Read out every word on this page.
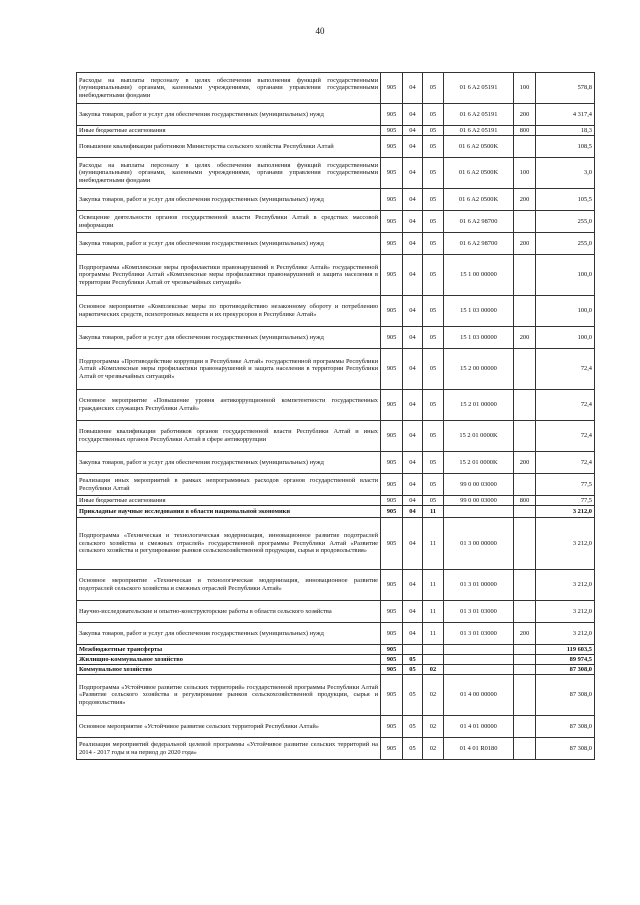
40
Расходы на выплаты персоналу в целях обеспечения выполнения функций государственными (муниципальными) органами, казенными учреждениями, органами управления государственными внебюджетными фондами	905	04	05	01 6 A2 05191	100	578,8
Закупка товаров, работ и услуг для обеспечения государственных (муниципальных) нужд	905	04	05	01 6 A2 05191	200	4 317,4
Иные бюджетные ассигнования	905	04	05	01 6 A2 05191	800	18,3
Повышение квалификации работников Министерства сельского хозяйства Республики Алтай	905	04	05	01 6 A2 0500K		108,5
Расходы на выплаты персоналу в целях обеспечения выполнения функций государственными (муниципальными) органами, казенными учреждениями, органами управления государственными внебюджетными фондами	905	04	05	01 6 A2 0500K	100	3,0
Закупка товаров, работ и услуг для обеспечения государственных (муниципальных) нужд	905	04	05	01 6 A2 0500K	200	105,5
Освещение деятельности органов государственной власти Республики Алтай в средствах массовой информации	905	04	05	01 6 A2 98700		255,0
Закупка товаров, работ и услуг для обеспечения государственных (муниципальных) нужд	905	04	05	01 6 A2 98700	200	255,0
Подпрограмма «Комплексные меры профилактики правонарушений в Республике Алтай» государственной программы Республики Алтай «Комплексные меры профилактики правонарушений и защита населения в территории Республики Алтай от чрезвычайных ситуаций»	905	04	05	15 1 00 00000		100,0
Основное мероприятие «Комплексные меры по противодействию незаконному обороту и потреблению наркотических средств, психотропных веществ и их прекурсоров в Республике Алтай»	905	04	05	15 1 03 00000		100,0
Закупка товаров, работ и услуг для обеспечения государственных (муниципальных) нужд	905	04	05	15 1 03 00000	200	100,0
Подпрограмма «Противодействие коррупции в Республике Алтай» государственной программы Республики Алтай «Комплексные меры профилактики правонарушений и защита населения в территории Республики Алтай от чрезвычайных ситуаций»	905	04	05	15 2 00 00000		72,4
Основное мероприятие «Повышение уровня антикоррупционной компетентности государственных гражданских служащих Республики Алтай»	905	04	05	15 2 01 00000		72,4
Повышение квалификации работников органов государственной власти Республики Алтай и иных государственных органов Республики Алтай в сфере антикоррупции	905	04	05	15 2 01 0000K		72,4
Закупка товаров, работ и услуг для обеспечения государственных (муниципальных) нужд	905	04	05	15 2 01 0000K	200	72,4
Реализация иных мероприятий в рамках непрограммных расходов органов государственной власти Республики Алтай	905	04	05	99 0 00 03000		77,5
Иные бюджетные ассигнования	905	04	05	99 0 00 03000	800	77,5
Прикладные научные исследования в области национальной экономики	905	04	11			3 212,0
Подпрограмма «Техническая и технологическая модернизация, инновационное развитие подотраслей сельского хозяйства и смежных отраслей» государственной программы Республики Алтай «Развитие сельского хозяйства и регулирование рынков сельскохозяйственной продукции, сырья и продовольствия»	905	04	11	01 3 00 00000		3 212,0
Основное мероприятие «Техническая и технологическая модернизация, инновационное развитие подотраслей сельского хозяйства и смежных отраслей Республики Алтай»	905	04	11	01 3 01 00000		3 212,0
Научно-исследовательские и опытно-конструкторские работы в области сельского хозяйства	905	04	11	01 3 01 03000		3 212,0
Закупка товаров, работ и услуг для обеспечения государственных (муниципальных) нужд	905	04	11	01 3 01 03000	200	3 212,0
Межбюджетные трансферты	905					119 603,5
Жилищно-коммунальное хозяйство	905	05				89 974,5
Коммунальное хозяйство	905	05	02			87 308,0
Подпрограмма «Устойчивое развитие сельских территорий» государственной программы Республики Алтай «Развитие сельского хозяйства и регулирование рынков сельскохозяйственной продукции, сырья и продовольствия»	905	05	02	01 4 00 00000		87 308,0
Основное мероприятие «Устойчивое развитие сельских территорий Республики Алтай»	905	05	02	01 4 01 00000		87 308,0
Реализация мероприятий федеральной целевой программы «Устойчивое развитие сельских территорий на 2014 - 2017 годы и на период до 2020 года»	905	05	02	01 4 01 R0180		87 308,0
